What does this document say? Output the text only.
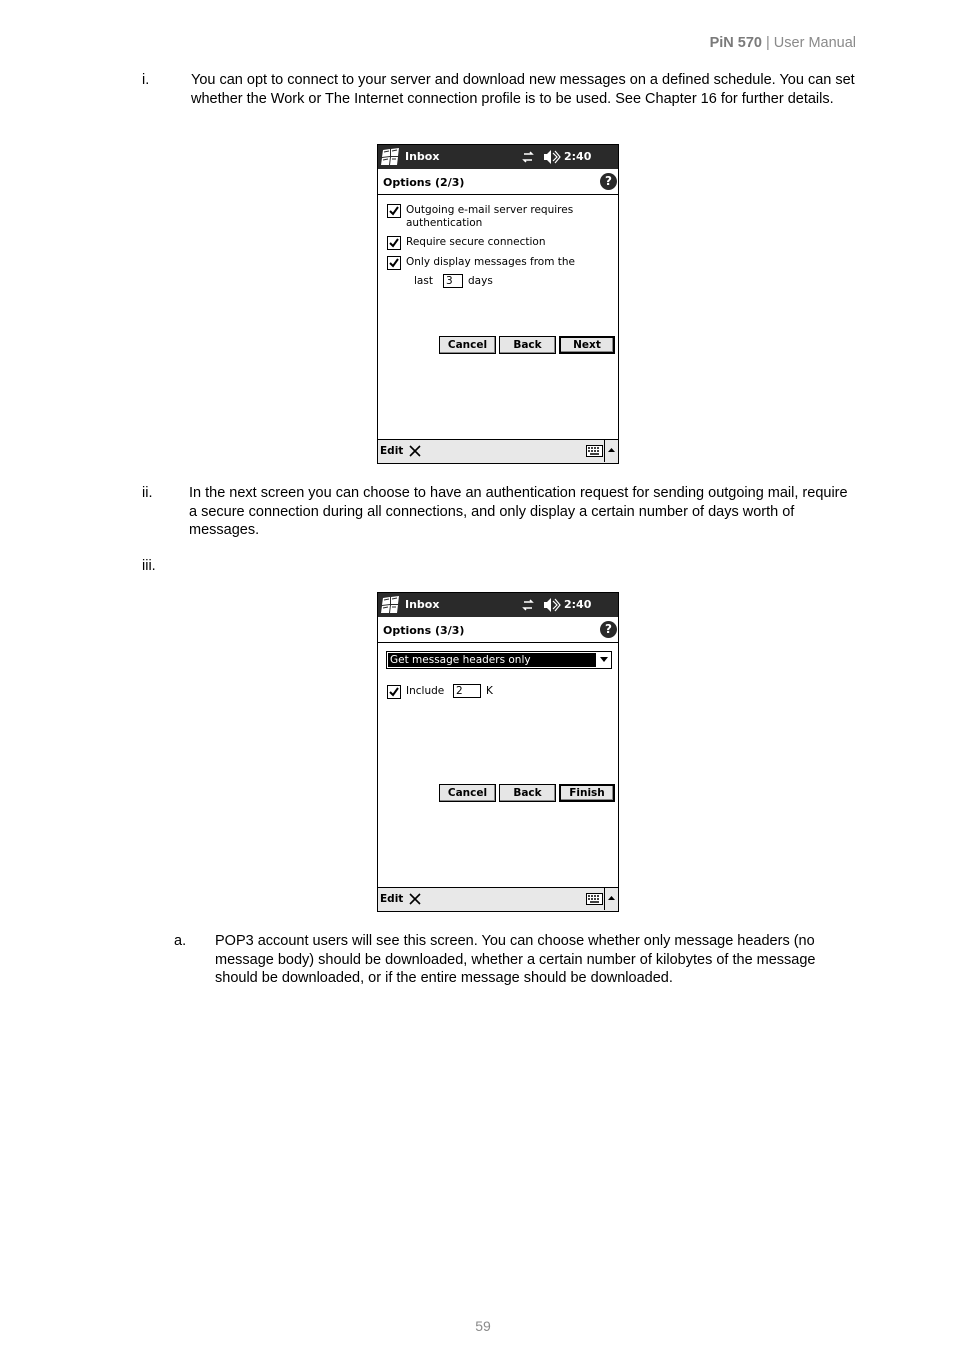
PiN 570 | User Manual
i.	You can opt to connect to your server and download new messages on a defined schedule. You can set whether the Work or The Internet connection profile is to be used. See Chapter 16 for further details.
Inbox	2:40
Options (2/3)	?
Outgoing e-mail server requires
authentication
Require secure connection
Only display messages from the
last 3	days
Cancel	Back	Next
Edit
ii.	In the next screen you can choose to have an authentication request for sending outgoing mail, require a secure connection during all connections, and only display a certain number of days worth of messages.
iii.
Inbox	2:40
Options (3/3)	?
Get message headers only
Include 2	K
Cancel	Back	Finish
Edit
a. POP3 account users will see this screen. You can choose whether only message headers (no message body) should be downloaded, whether a certain number of kilobytes of the message should be downloaded, or if the entire message should be downloaded.
59
